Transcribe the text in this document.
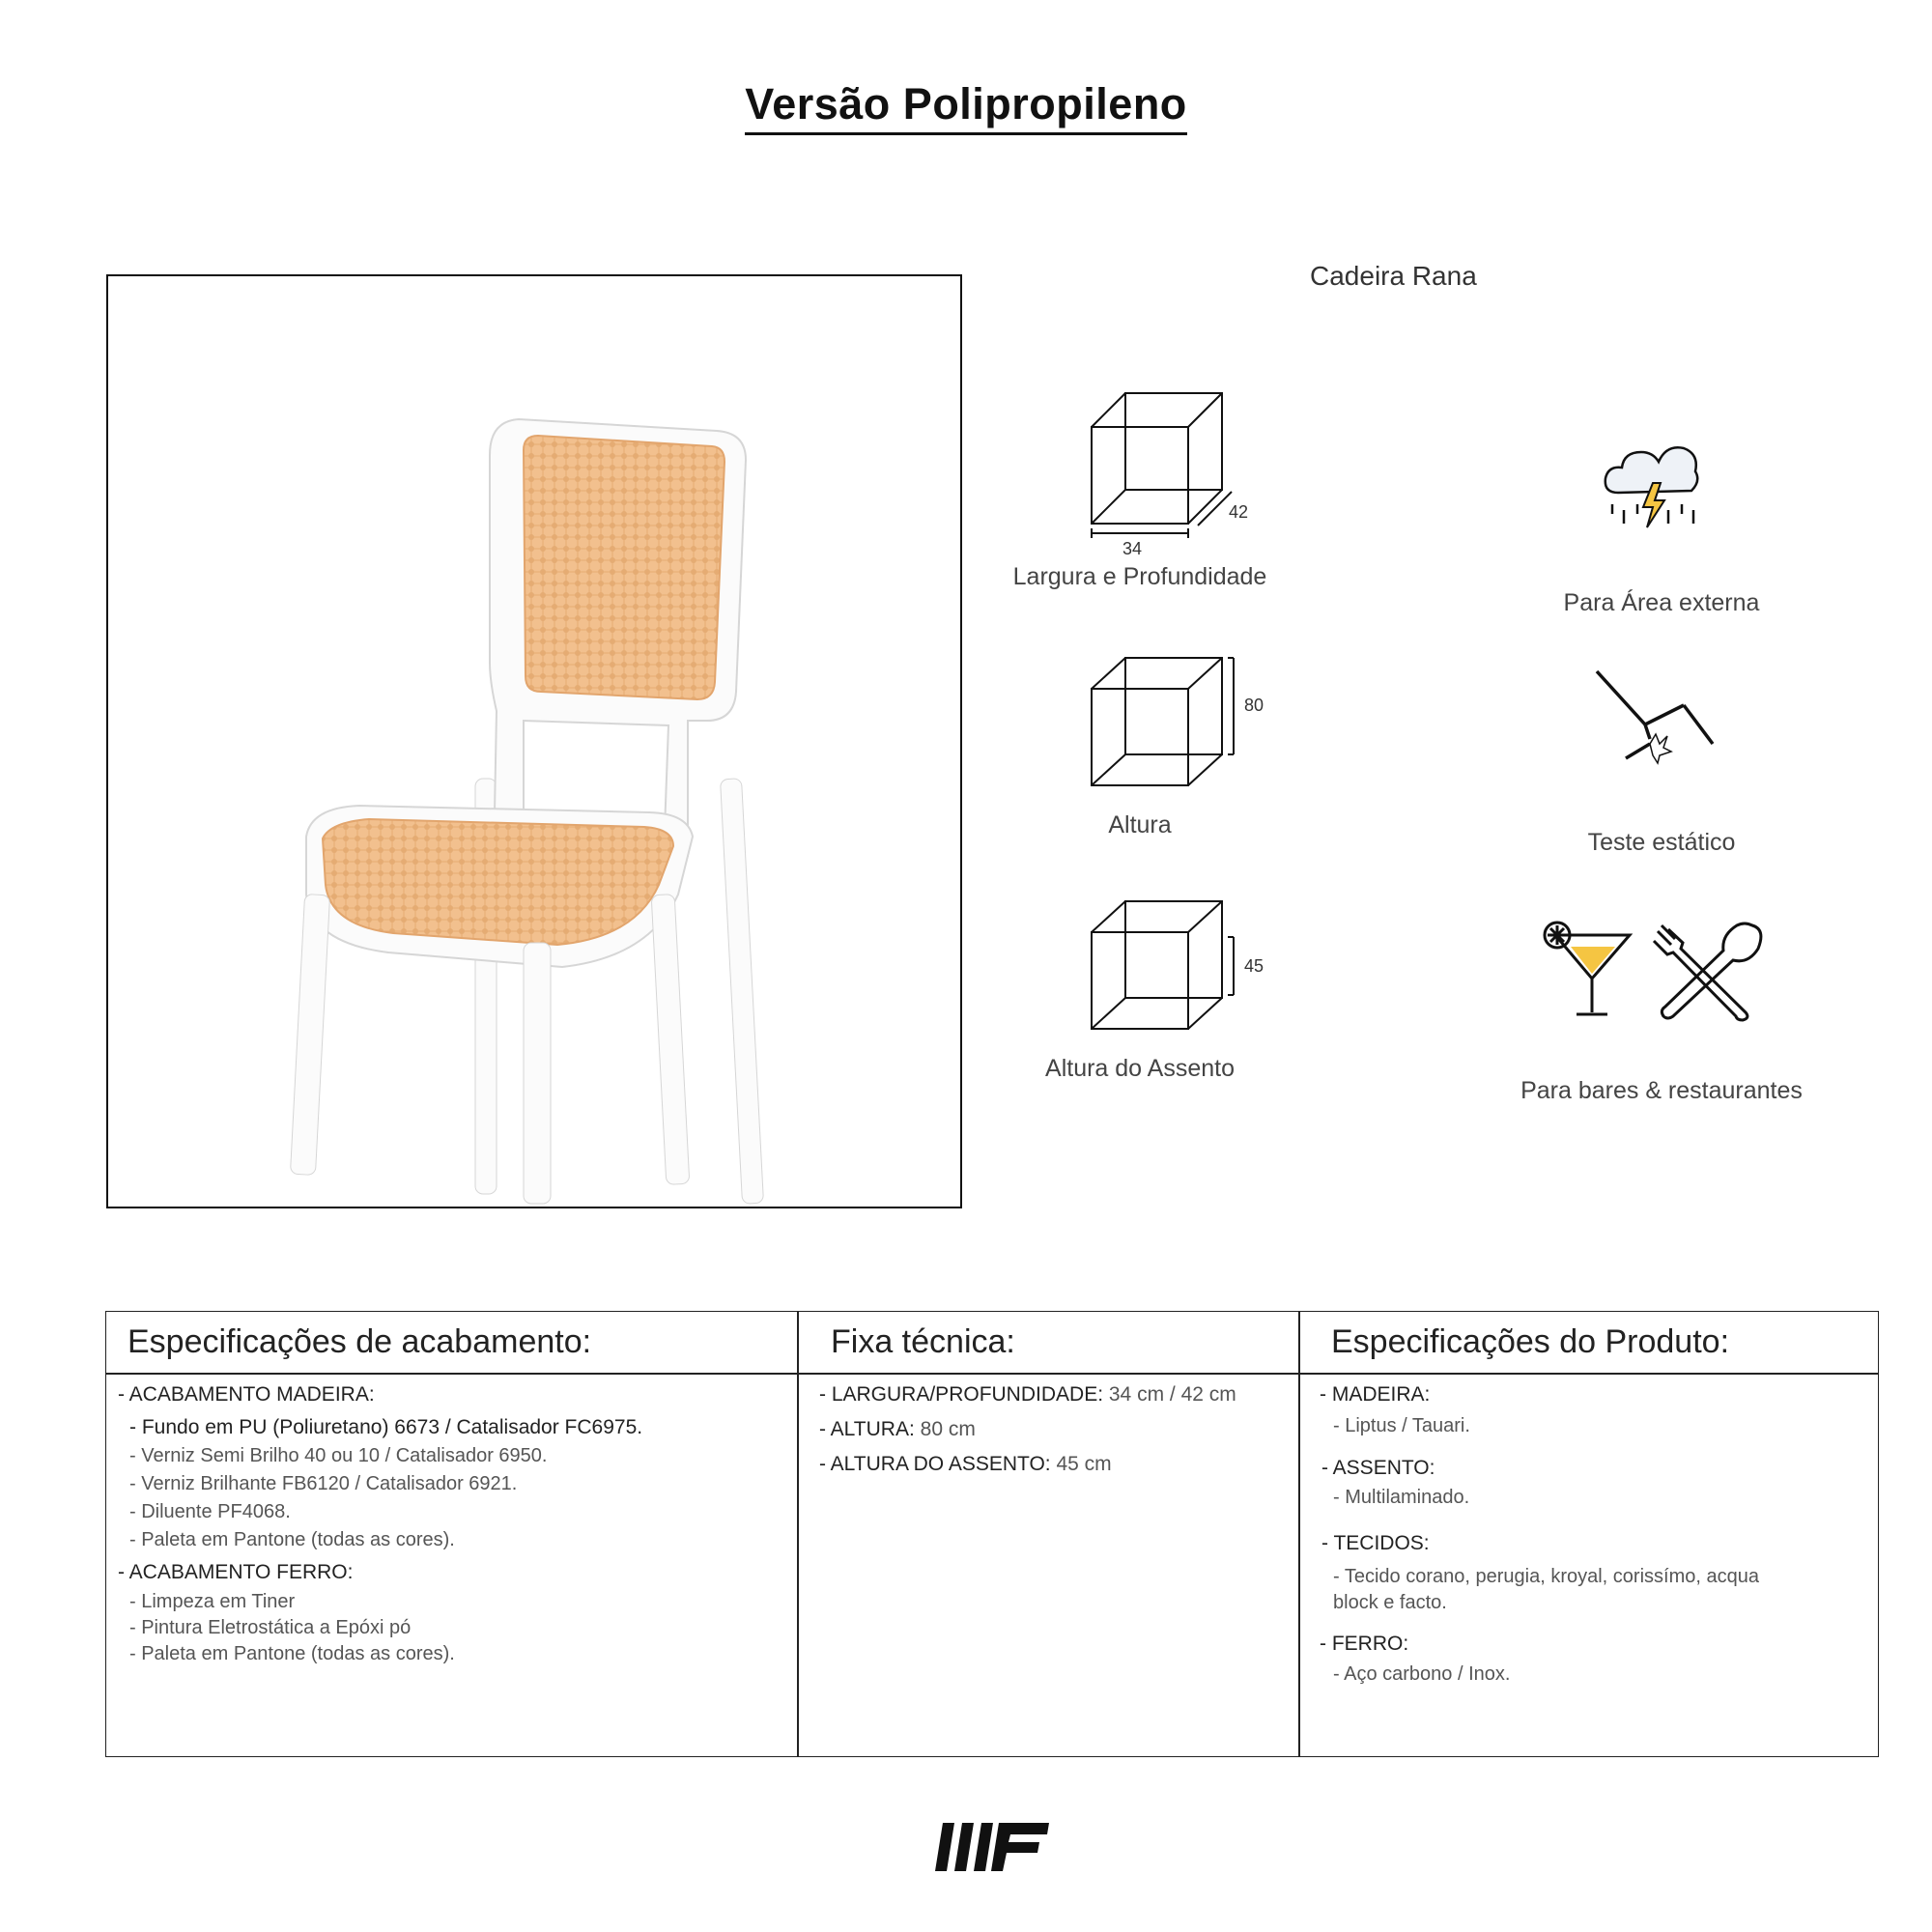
Versão Polipropileno
Cadeira Rana
34
42
Largura e Profundidade
80
Altura
45
Altura do Assento
Para Área externa
Teste estático
Para bares & restaurantes
Especificações de acabamento:
- ACABAMENTO MADEIRA:
- Fundo em PU (Poliuretano) 6673 / Catalisador FC6975.
- Verniz Semi Brilho 40 ou 10 / Catalisador 6950.
- Verniz Brilhante FB6120 / Catalisador 6921.
- Diluente PF4068.
- Paleta em Pantone (todas as cores).
- ACABAMENTO FERRO:
- Limpeza em Tiner
- Pintura Eletrostática a Epóxi pó
- Paleta em Pantone (todas as cores).
Fixa técnica:
- LARGURA/PROFUNDIDADE: 34 cm / 42 cm
- ALTURA: 80 cm
- ALTURA DO ASSENTO: 45 cm
Especificações do Produto:
- MADEIRA:
- Liptus / Tauari.
- ASSENTO:
- Multilaminado.
- TECIDOS:
- Tecido corano, perugia, kroyal, corissímo, acqua
block e facto.
- FERRO:
- Aço carbono / Inox.
